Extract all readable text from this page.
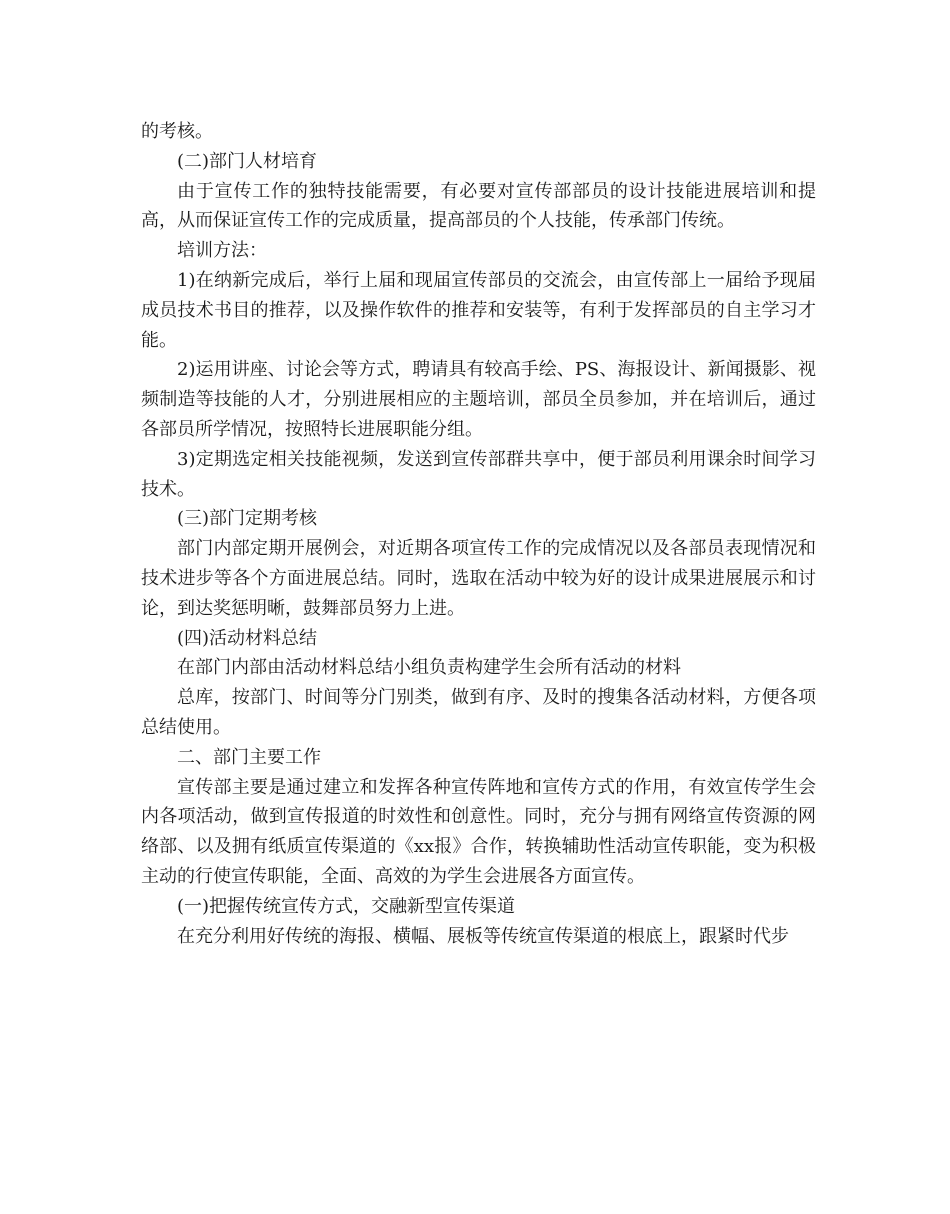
的考核。

(二)部门人材培育

由于宣传工作的独特技能需要，有必要对宣传部部员的设计技能进展培训和提高，从而保证宣传工作的完成质量，提高部员的个人技能，传承部门传统。

培训方法：

1)在纳新完成后，举行上届和现届宣传部员的交流会，由宣传部上一届给予现届成员技术书目的推荐，以及操作软件的推荐和安装等，有利于发挥部员的自主学习才能。

2)运用讲座、讨论会等方式，聘请具有较高手绘、PS、海报设计、新闻摄影、视频制造等技能的人才，分别进展相应的主题培训，部员全员参加，并在培训后，通过各部员所学情况，按照特长进展职能分组。

3)定期选定相关技能视频，发送到宣传部群共享中，便于部员利用课余时间学习技术。

(三)部门定期考核

部门内部定期开展例会，对近期各项宣传工作的完成情况以及各部员表现情况和技术进步等各个方面进展总结。同时，选取在活动中较为好的设计成果进展展示和讨论，到达奖惩明晰，鼓舞部员努力上进。

(四)活动材料总结

在部门内部由活动材料总结小组负责构建学生会所有活动的材料

总库，按部门、时间等分门别类，做到有序、及时的搜集各活动材料，方便各项总结使用。

二、部门主要工作

宣传部主要是通过建立和发挥各种宣传阵地和宣传方式的作用，有效宣传学生会内各项活动，做到宣传报道的时效性和创意性。同时，充分与拥有网络宣传资源的网络部、以及拥有纸质宣传渠道的《xx报》合作，转换辅助性活动宣传职能，变为积极主动的行使宣传职能，全面、高效的为学生会进展各方面宣传。

(一)把握传统宣传方式，交融新型宣传渠道

在充分利用好传统的海报、横幅、展板等传统宣传渠道的根底上，跟紧时代步
